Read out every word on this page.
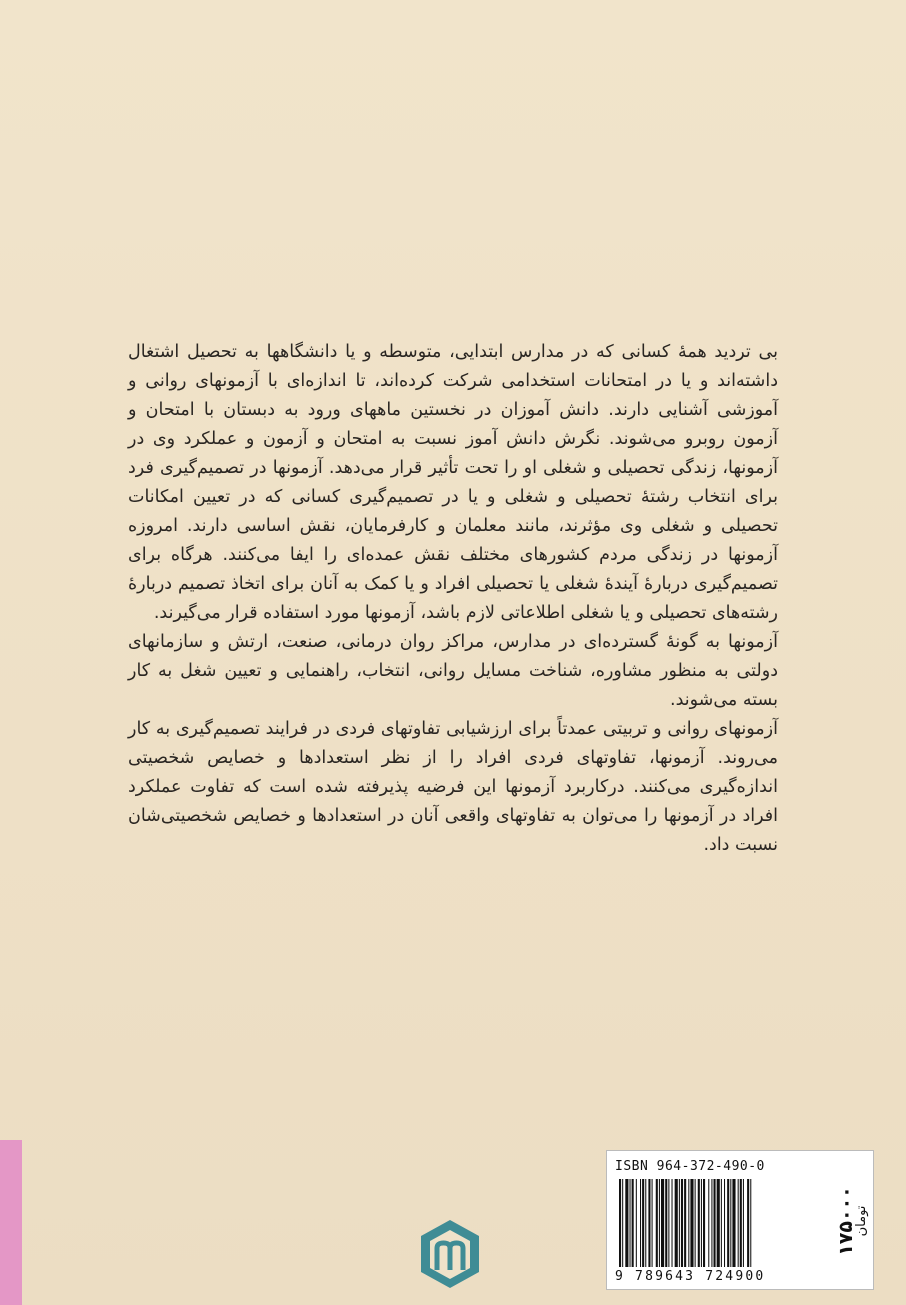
بی تردید همهٔ کسانی که در مدارس ابتدایی، متوسطه و یا دانشگاهها به تحصیل اشتغال داشته‌اند و یا در امتحانات استخدامی شرکت کرده‌اند، تا اندازه‌ای با آزمونهای روانی و آموزشی آشنایی دارند. دانش آموزان در نخستین ماههای ورود به دبستان با امتحان و آزمون روبرو می‌شوند. نگرش دانش آموز نسبت به امتحان و آزمون و عملکرد وی در آزمونها، زندگی تحصیلی و شغلی او را تحت تأثیر قرار می‌دهد. آزمونها در تصمیم‌گیری فرد برای انتخاب رشتهٔ تحصیلی و شغلی و یا در تصمیم‌گیری کسانی که در تعیین امکانات تحصیلی و شغلی وی مؤثرند، مانند معلمان و کارفرمایان، نقش اساسی دارند. امروزه آزمونها در زندگی مردم کشورهای مختلف نقش عمده‌ای را ایفا می‌کنند. هرگاه برای تصمیم‌گیری دربارهٔ آیندهٔ شغلی یا تحصیلی افراد و یا کمک به آنان برای اتخاذ تصمیم دربارهٔ رشته‌های تحصیلی و یا شغلی اطلاعاتی لازم باشد، آزمونها مورد استفاده قرار می‌گیرند.

آزمونها به گونهٔ گسترده‌ای در مدارس، مراکز روان درمانی، صنعت، ارتش و سازمانهای دولتی به منظور مشاوره، شناخت مسایل روانی، انتخاب، راهنمایی و تعیین شغل به کار بسته می‌شوند.

آزمونهای روانی و تربیتی عمدتاً برای ارزشیابی تفاوتهای فردی در فرایند تصمیم‌گیری به کار می‌روند. آزمونها، تفاوتهای فردی افراد را از نظر استعدادها و خصایص شخصیتی اندازه‌گیری می‌کنند. درکاربرد آزمونها این فرضیه پذیرفته شده است که تفاوت عملکرد افراد در آزمونها را می‌توان به تفاوتهای واقعی آنان در استعدادها و خصایص شخصیتی‌شان نسبت داد.

ISBN 964-372-490-0
9 789643 724900
۱۷۵۰۰۰
تومان
